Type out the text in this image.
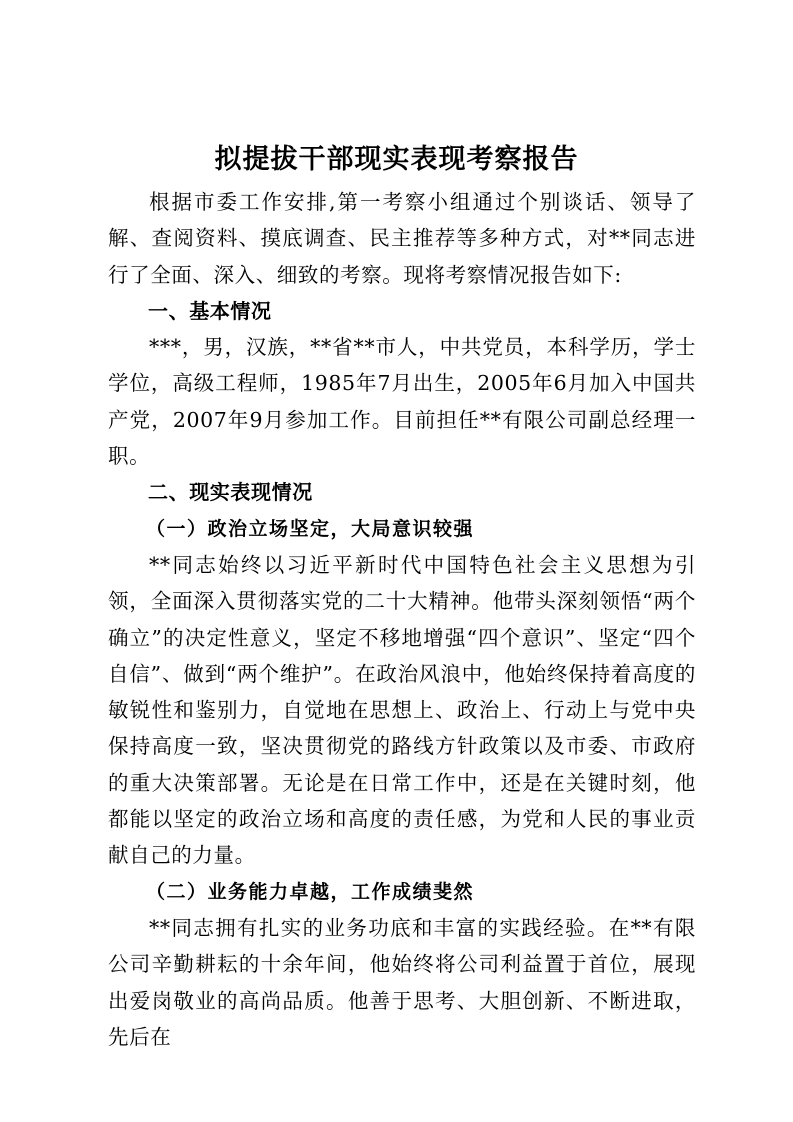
拟提拔干部现实表现考察报告

根据市委工作安排,第一考察小组通过个别谈话、领导了解、查阅资料、摸底调查、民主推荐等多种方式，对**同志进行了全面、深入、细致的考察。现将考察情况报告如下:

一、基本情况

***，男，汉族，**省**市人，中共党员，本科学历，学士学位，高级工程师，1985年7月出生，2005年6月加入中国共产党，2007年9月参加工作。目前担任**有限公司副总经理一职。

二、现实表现情况

（一）政治立场坚定，大局意识较强

**同志始终以习近平新时代中国特色社会主义思想为引领，全面深入贯彻落实党的二十大精神。他带头深刻领悟“两个确立”的决定性意义，坚定不移地增强“四个意识”、坚定“四个自信”、做到“两个维护”。在政治风浪中，他始终保持着高度的敏锐性和鉴别力，自觉地在思想上、政治上、行动上与党中央保持高度一致，坚决贯彻党的路线方针政策以及市委、市政府的重大决策部署。无论是在日常工作中，还是在关键时刻，他都能以坚定的政治立场和高度的责任感，为党和人民的事业贡献自己的力量。

（二）业务能力卓越，工作成绩斐然

**同志拥有扎实的业务功底和丰富的实践经验。在**有限公司辛勤耕耘的十余年间，他始终将公司利益置于首位，展现出爱岗敬业的高尚品质。他善于思考、大胆创新、不断进取，先后在
